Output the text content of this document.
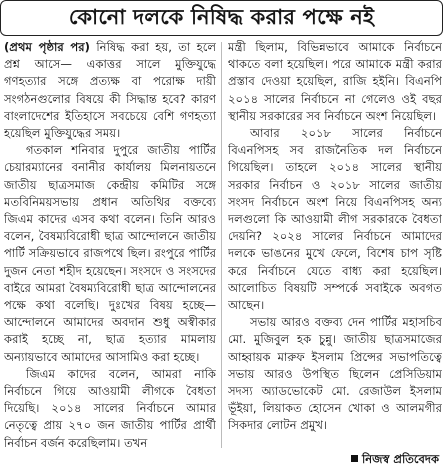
কোনো দলকে নিষিদ্ধ করার পক্ষে নই

(প্রথম পৃষ্ঠার পর) নিষিদ্ধ করা হয়, তা হলে প্রশ্ন আসে— একাত্তর সালে মুক্তিযুদ্ধে গণহত্যার সঙ্গে প্রত্যক্ষ বা পরোক্ষ দায়ী সংগঠনগুলোর বিষয়ে কী সিদ্ধান্ত হবে? কারণ বাংলাদেশের ইতিহাসে সবচেয়ে বেশি গণহত্যা হয়েছিল মুক্তিযুদ্ধের সময়।

গতকাল শনিবার দুপুরে জাতীয় পার্টির চেয়ারম্যানের বনানীর কার্যালয় মিলনায়তনে জাতীয় ছাত্রসমাজ কেন্দ্রীয় কমিটির সঙ্গে মতবিনিময়সভায় প্রধান অতিথির বক্তব্যে জিএম কাদের এসব কথা বলেন। তিনি আরও বলেন, বৈষম্যবিরোধী ছাত্র আন্দোলনে জাতীয় পার্টি সক্রিয়ভাবে রাজপথে ছিল। রংপুরে পার্টির দুজন নেতা শহীদ হয়েছেন। সংসদে ও সংসদের বাইরে আমরা বৈষম্যবিরোধী ছাত্র আন্দোলনের পক্ষে কথা বলেছি। দুঃখের বিষয় হচ্ছে— আন্দোলনে আমাদের অবদান শুধু অস্বীকার করাই হচ্ছে না, ছাত্র হত্যার মামলায় অন্যায়ভাবে আমাদের আসামিও করা হচ্ছে।

জিএম কাদের বলেন, আমরা নাকি নির্বাচনে গিয়ে আওয়ামী লীগকে বৈধতা দিয়েছি। ২০১৪ সালের নির্বাচনে আমার নেতৃত্বে প্রায় ২৭০ জন জাতীয় পার্টির প্রার্থী নির্বাচন বর্জন করেছিলাম। তখন

মন্ত্রী ছিলাম, বিভিন্নভাবে আমাকে নির্বাচনে থাকতে বলা হয়েছিল। পরে আমাকে মন্ত্রী করার প্রস্তাব দেওয়া হয়েছিল, রাজি হইনি। বিএনপি ২০১৪ সালের নির্বাচনে না গেলেও ওই বছর স্থানীয় সরকারের সব নির্বাচনে অংশ নিয়েছিল।

আবার ২০১৮ সালের নির্বাচনে বিএনপিসহ সব রাজনৈতিক দল নির্বাচনে গিয়েছিল। তাহলে ২০১৪ সালের স্থানীয় সরকার নির্বাচন ও ২০১৮ সালের জাতীয় সংসদ নির্বাচনে অংশ নিয়ে বিএনপিসহ অন্য দলগুলো কি আওয়ামী লীগ সরকারকে বৈধতা দেয়নি? ২০২৪ সালের নির্বাচনে আমাদের দলকে ভাঙনের মুখে ফেলে, বিশেষ চাপ সৃষ্টি করে নির্বাচনে যেতে বাধ্য করা হয়েছিল। আলোচিত বিষয়টি সম্পর্কে সবাইকে অবগত আছেন।

সভায় আরও বক্তব্য দেন পার্টির মহাসচিব মো. মুজিবুল হক চুন্নু। জাতীয় ছাত্রসমাজের আহ্বায়ক মারুফ ইসলাম প্রিন্সের সভাপতিত্বে সভায় আরও উপস্থিত ছিলেন প্রেসিডিয়াম সদস্য অ্যাডভোকেট মো. রেজাউল ইসলাম ভূঁইয়া, লিয়াকত হোসেন খোকা ও আলমগীর সিকদার লোটন প্রমুখ।

নিজস্ব প্রতিবেদক
